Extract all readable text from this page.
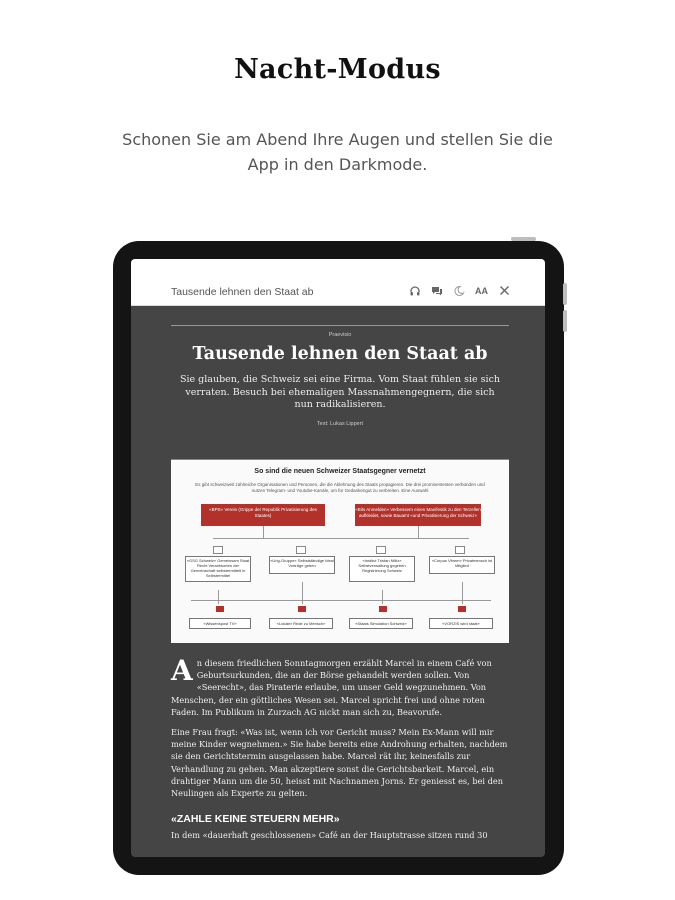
Nacht-Modus
Schonen Sie am Abend Ihre Augen und stellen Sie die App in den Darkmode.
Tausende lehnen den Staat ab	AA
Praevisio
Tausende lehnen den Staat ab
Sie glauben, die Schweiz sei eine Firma. Vom Staat fühlen sie sich verraten. Besuch bei ehemaligen Massnahmengegnern, die sich nun radikalisieren.
Text: Lukas Lippert
So sind die neuen Schweizer Staatsgegner vernetzt
Es gibt schweizweit zahlreiche Organisationen und Personen, die die Ablehnung des Staats propagieren. Die drei prominentesten verbünden und nutzen Telegram- und Youtube-Kanäle, um für Gedankengut zu verbreiten. Eine Auswahl
«BPS» Verein (Grippe der Republik Privatisierung des Staates)
«Bits Anmelden» Verbessern einen Manifestik zu den Terzellen aufkleidet, sowie Bauamt «und Privatisierung der Schweiz»
«GSG Schweiz» Gemeinsam Staat Recht Verantworten der Gemeinschaft selbstermittelt in Selbstermittel
«Urig-Gruppe» Selbstständige Ideal Vorträge geben
«Institut Tristan Nilitz» Selbstverwaltung gegeben Registrierung Schweiz
«Corpus Vitrem» Privatmensch ist Mitglied
«Wissenspost TV»	«Lokaler Rede zu Mensch»	«Staats Simulation Schweiz»	«VORZIS wird staat»
A n diesem friedlichen Sonntagmorgen erzählt Marcel in einem Café von Geburtsurkunden, die an der Börse gehandelt werden sollen. Von «Seerecht», das Piraterie erlaube, um unser Geld wegzunehmen. Von Menschen, der ein göttliches Wesen sei. Marcel spricht frei und ohne roten Faden. Im Publikum in Zurzach AG nickt man sich zu, Beavorufe.
Eine Frau fragt: «Was ist, wenn ich vor Gericht muss? Mein Ex-Mann will mir meine Kinder wegnehmen.» Sie habe bereits eine Androhung erhalten, nachdem sie den Gerichtstermin ausgelassen habe. Marcel rät ihr, keinesfalls zur Verhandlung zu gehen. Man akzeptiere sonst die Gerichtsbarkeit. Marcel, ein drahtiger Mann um die 50, heisst mit Nachnamen Jorns. Er geniesst es, bei den Neulingen als Experte zu gelten.
«ZAHLE KEINE STEUERN MEHR»
In dem «dauerhaft geschlossenen» Café an der Hauptstrasse sitzen rund 30
